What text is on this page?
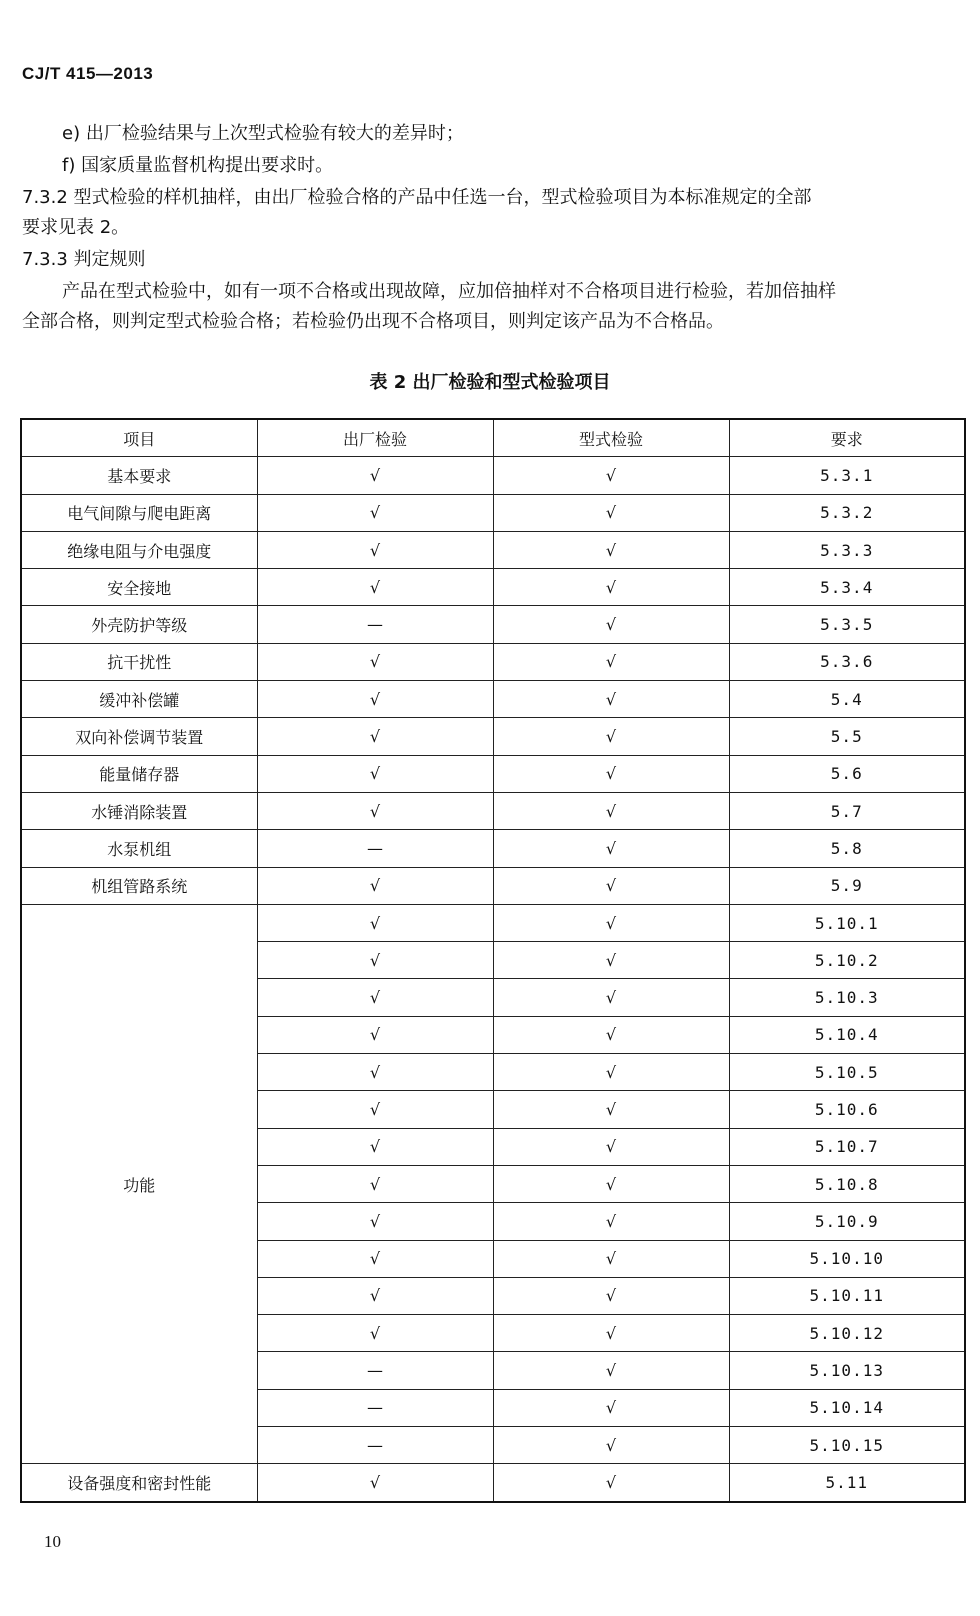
CJ/T 415—2013
e) 出厂检验结果与上次型式检验有较大的差异时；
f) 国家质量监督机构提出要求时。
7.3.2 型式检验的样机抽样，由出厂检验合格的产品中任选一台，型式检验项目为本标准规定的全部
要求见表 2。
7.3.3 判定规则
产品在型式检验中，如有一项不合格或出现故障，应加倍抽样对不合格项目进行检验，若加倍抽样
全部合格，则判定型式检验合格；若检验仍出现不合格项目，则判定该产品为不合格品。
表 2 出厂检验和型式检验项目
项目	出厂检验	型式检验	要求
基本要求	√	√	5.3.1
电气间隙与爬电距离	√	√	5.3.2
绝缘电阻与介电强度	√	√	5.3.3
安全接地	√	√	5.3.4
外壳防护等级	—	√	5.3.5
抗干扰性	√	√	5.3.6
缓冲补偿罐	√	√	5.4
双向补偿调节装置	√	√	5.5
能量储存器	√	√	5.6
水锤消除装置	√	√	5.7
水泵机组	—	√	5.8
机组管路系统	√	√	5.9
功能	√	√	5.10.1
	√	√	5.10.2
	√	√	5.10.3
	√	√	5.10.4
	√	√	5.10.5
	√	√	5.10.6
	√	√	5.10.7
	√	√	5.10.8
	√	√	5.10.9
	√	√	5.10.10
	√	√	5.10.11
	√	√	5.10.12
	—	√	5.10.13
	—	√	5.10.14
	—	√	5.10.15
设备强度和密封性能	√	√	5.11
10
